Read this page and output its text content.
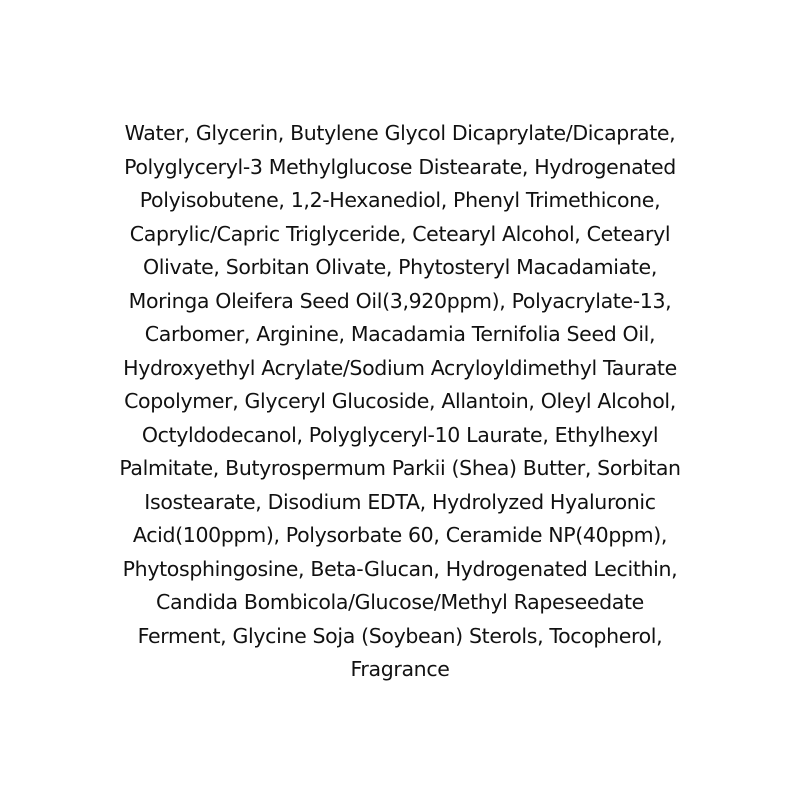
Water, Glycerin, Butylene Glycol Dicaprylate/Dicaprate,
Polyglyceryl-3 Methylglucose Distearate, Hydrogenated
Polyisobutene, 1,2-Hexanediol, Phenyl Trimethicone,
Caprylic/Capric Triglyceride, Cetearyl Alcohol, Cetearyl
Olivate, Sorbitan Olivate, Phytosteryl Macadamiate,
Moringa Oleifera Seed Oil(3,920ppm), Polyacrylate-13,
Carbomer, Arginine, Macadamia Ternifolia Seed Oil,
Hydroxyethyl Acrylate/Sodium Acryloyldimethyl Taurate
Copolymer, Glyceryl Glucoside, Allantoin, Oleyl Alcohol,
Octyldodecanol, Polyglyceryl-10 Laurate, Ethylhexyl
Palmitate, Butyrospermum Parkii (Shea) Butter, Sorbitan
Isostearate, Disodium EDTA, Hydrolyzed Hyaluronic
Acid(100ppm), Polysorbate 60, Ceramide NP(40ppm),
Phytosphingosine, Beta-Glucan, Hydrogenated Lecithin,
Candida Bombicola/Glucose/Methyl Rapeseedate
Ferment, Glycine Soja (Soybean) Sterols, Tocopherol,
Fragrance
